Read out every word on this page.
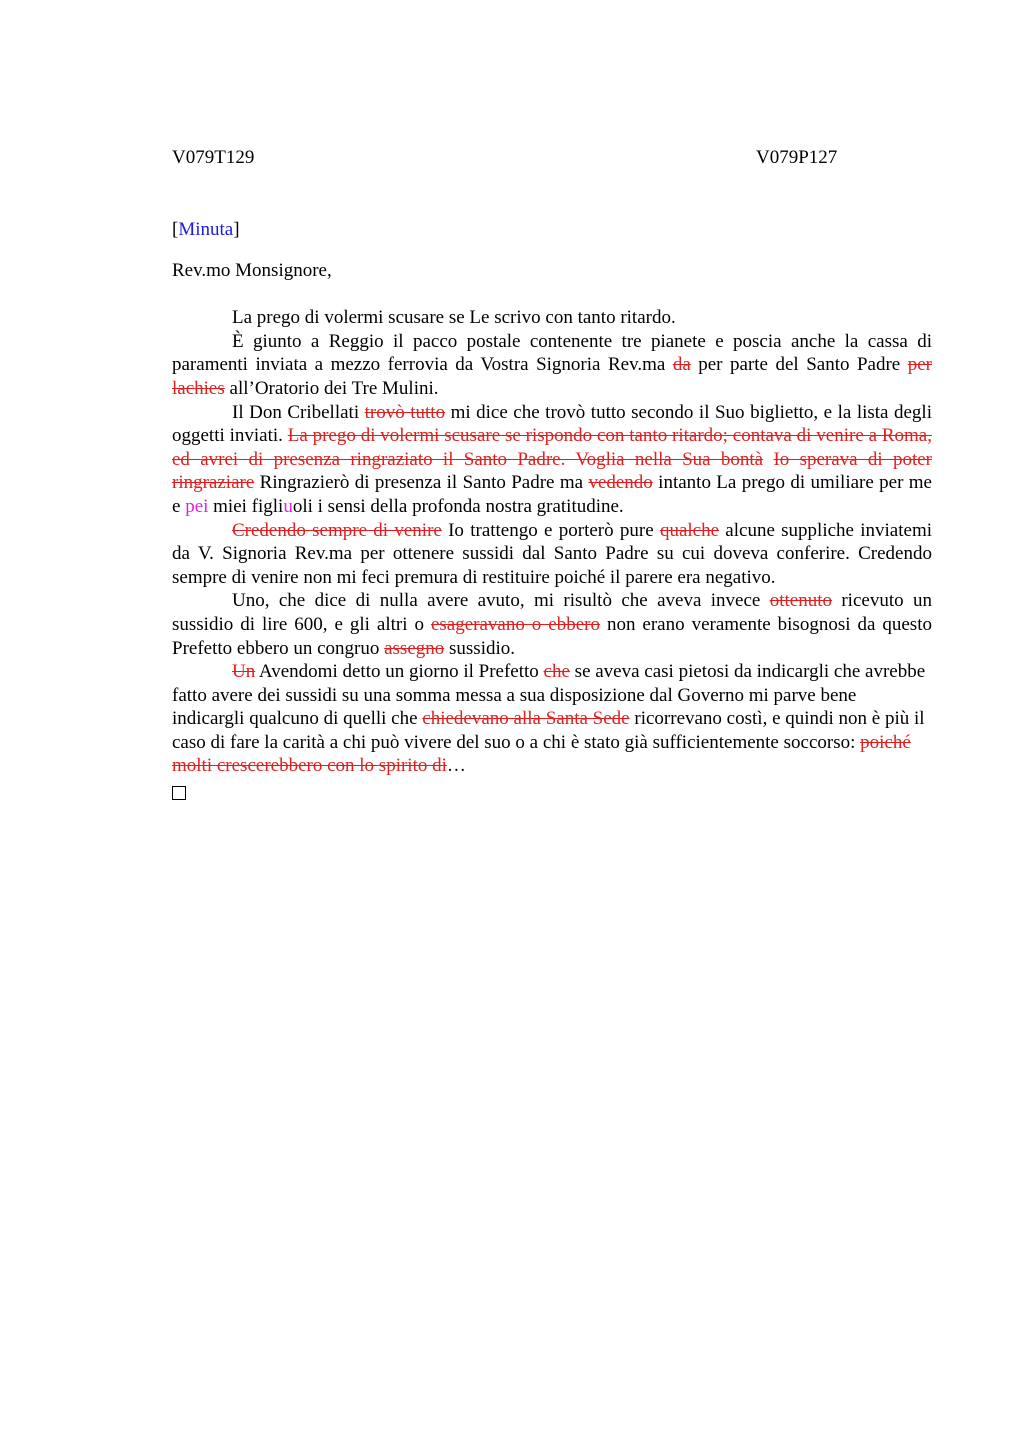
V079T129	V079P127
[Minuta]
Rev.mo Monsignore,

La prego di volermi scusare se Le scrivo con tanto ritardo.

È giunto a Reggio il pacco postale contenente tre pianete e poscia anche la cassa di paramenti inviata a mezzo ferrovia da Vostra Signoria Rev.ma da per parte del Santo Padre per lachies all’Oratorio dei Tre Mulini.

Il Don Cribellati trovò tutto mi dice che trovò tutto secondo il Suo biglietto, e la lista degli oggetti inviati. La prego di volermi scusare se rispondo con tanto ritardo; contava di venire a Roma, ed avrei di presenza ringraziato il Santo Padre. Voglia nella Sua bontà Io sperava di poter ringraziare Ringrazierò di presenza il Santo Padre ma vedendo intantо La prego di umiliare per me e pei miei figliuoli i sensi della profonda nostra gratitudine.

Credendo sempre di venire Io trattengo e porterò pure qualche alcune suppliche inviatemi da V. Signoria Rev.ma per ottenere sussidi dal Santo Padre su cui doveva conferire. Credendo sempre di venire non mi feci premura di restituire poiché il parere era negativo.

Uno, che dice di nulla avere avuto, mi risultò che aveva invece ottenuto ricevuto un sussidio di lire 600, e gli altri o esageravano o ebbero non erano veramente bisognosi da questo Prefetto ebbero un congruo assegno sussidio.

Un Avendomi detto un giorno il Prefetto che se aveva casi pietosi da indicargli che avrebbe fatto avere dei sussidi su una somma messa a sua disposizione dal Governo mi parve bene indicargli qualcuno di quelli che chiedevano alla Santa Sede ricorrevano costì, e quindi non è più il caso di fare la carità a chi può vivere del suo o a chi è stato già sufficientemente soccorso: poiché molti crescerebbero con lo spirito di…
